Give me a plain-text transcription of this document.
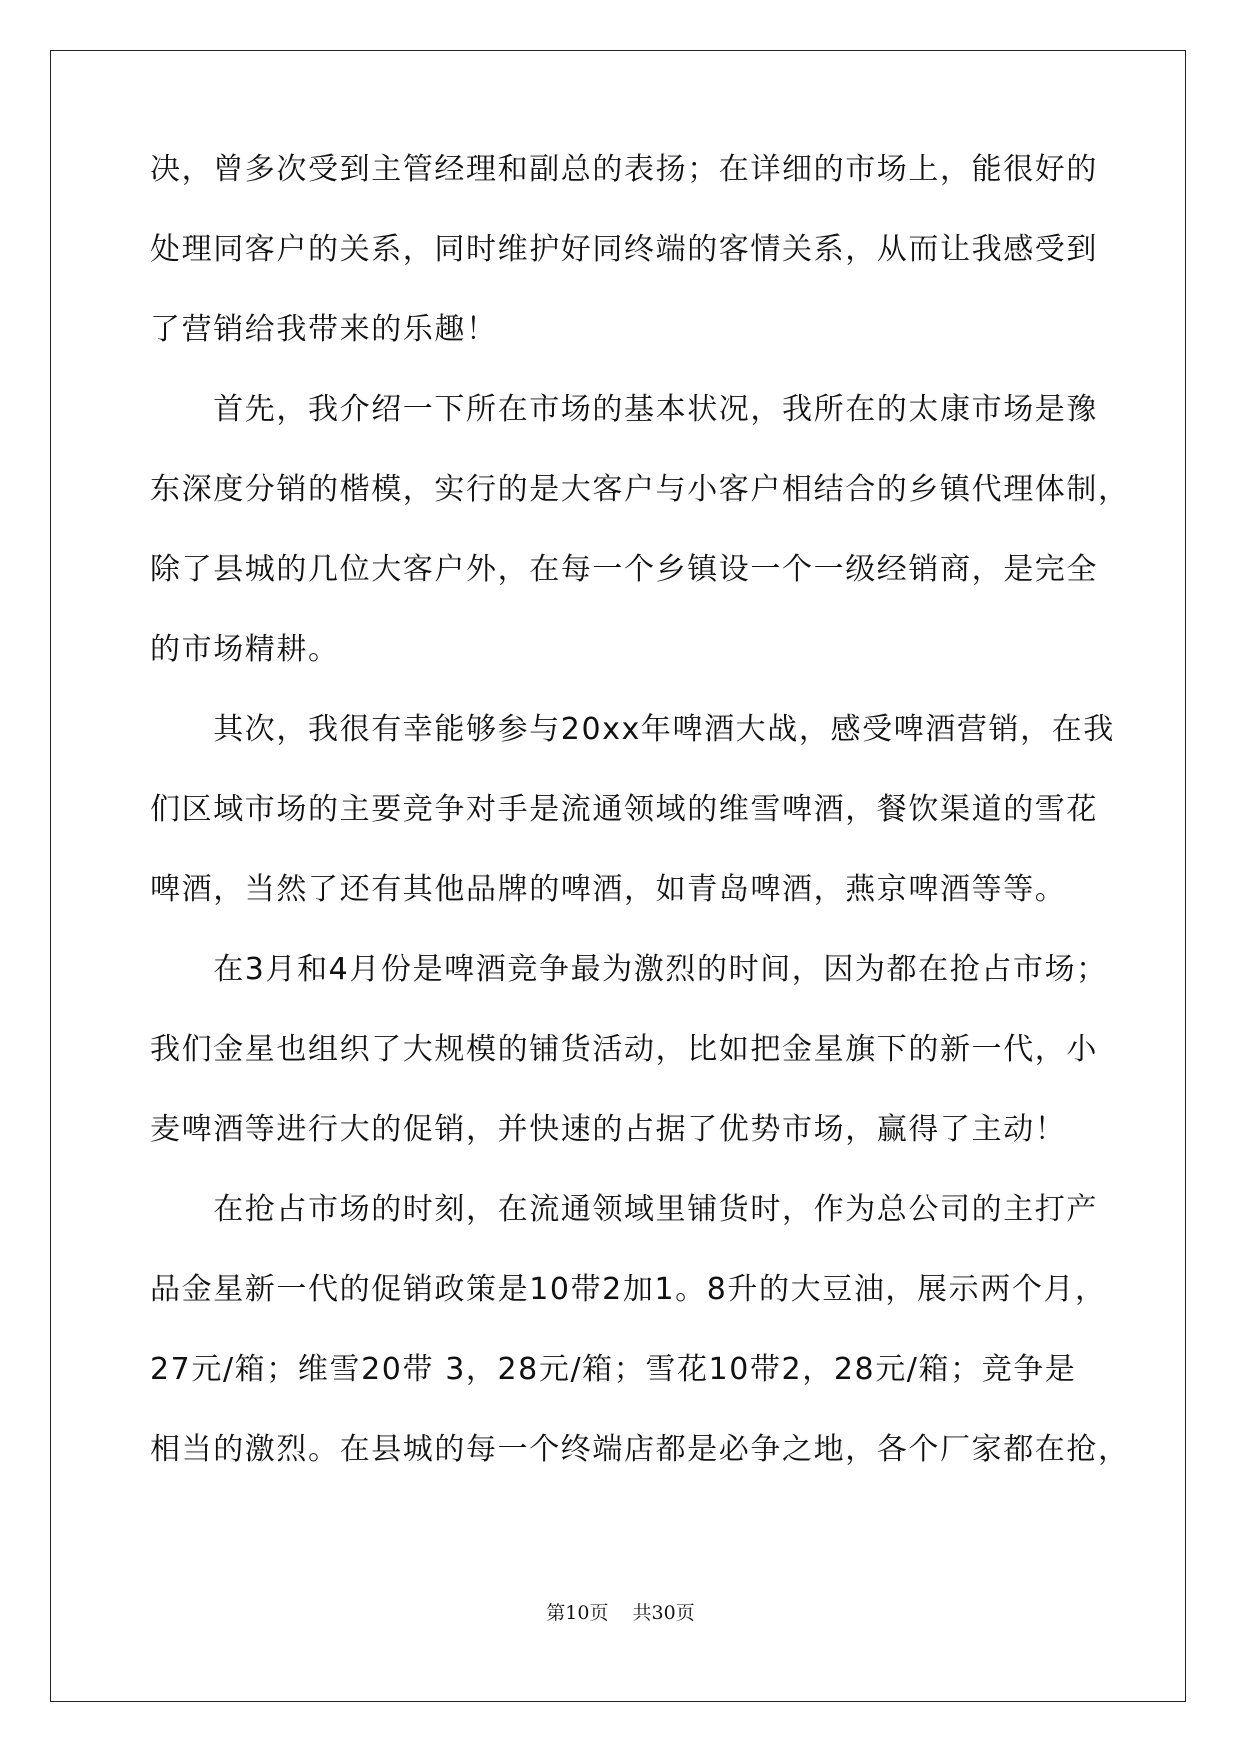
决，曾多次受到主管经理和副总的表扬；在详细的市场上，能很好的
处理同客户的关系，同时维护好同终端的客情关系，从而让我感受到
了营销给我带来的乐趣！
　　首先，我介绍一下所在市场的基本状况，我所在的太康市场是豫
东深度分销的楷模，实行的是大客户与小客户相结合的乡镇代理体制，
除了县城的几位大客户外，在每一个乡镇设一个一级经销商，是完全
的市场精耕。
　　其次，我很有幸能够参与20xx年啤酒大战，感受啤酒营销，在我
们区域市场的主要竞争对手是流通领域的维雪啤酒，餐饮渠道的雪花
啤酒，当然了还有其他品牌的啤酒，如青岛啤酒，燕京啤酒等等。
　　在3月和4月份是啤酒竞争最为激烈的时间，因为都在抢占市场；
我们金星也组织了大规模的铺货活动，比如把金星旗下的新一代，小
麦啤酒等进行大的促销，并快速的占据了优势市场，赢得了主动！
　　在抢占市场的时刻，在流通领域里铺货时，作为总公司的主打产
品金星新一代的促销政策是10带2加1。8升的大豆油，展示两个月，
27元/箱；维雪20带 3，28元/箱；雪花10带2，28元/箱；竞争是
相当的激烈。在县城的每一个终端店都是必争之地，各个厂家都在抢，
第10页 共30页
